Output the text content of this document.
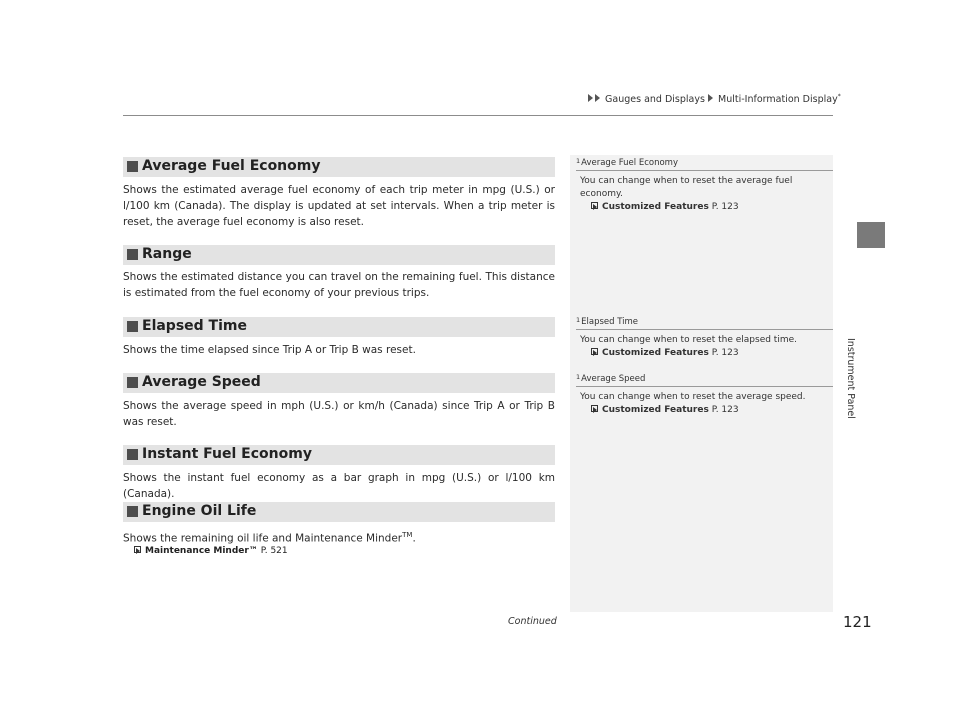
Gauges and Displays Multi-Information Display*
Instrument Panel
Average Fuel Economy
Shows the estimated average fuel economy of each trip meter in mpg (U.S.) or l/100 km (Canada). The display is updated at set intervals. When a trip meter is reset, the average fuel economy is also reset.
Range
Shows the estimated distance you can travel on the remaining fuel. This distance is estimated from the fuel economy of your previous trips.
Elapsed Time
Shows the time elapsed since Trip A or Trip B was reset.
Average Speed
Shows the average speed in mph (U.S.) or km/h (Canada) since Trip A or Trip B was reset.
Instant Fuel Economy
Shows the instant fuel economy as a bar graph in mpg (U.S.) or l/100 km (Canada).
Engine Oil Life
Shows the remaining oil life and Maintenance Minder™.
Maintenance Minder™ P. 521
$^1$Average Fuel Economy
You can change when to reset the average fuel economy.
Customized Features P. 123
$^1$Elapsed Time
You can change when to reset the elapsed time.
Customized Features P. 123
$^1$Average Speed
You can change when to reset the average speed.
Customized Features P. 123
Continued	121
